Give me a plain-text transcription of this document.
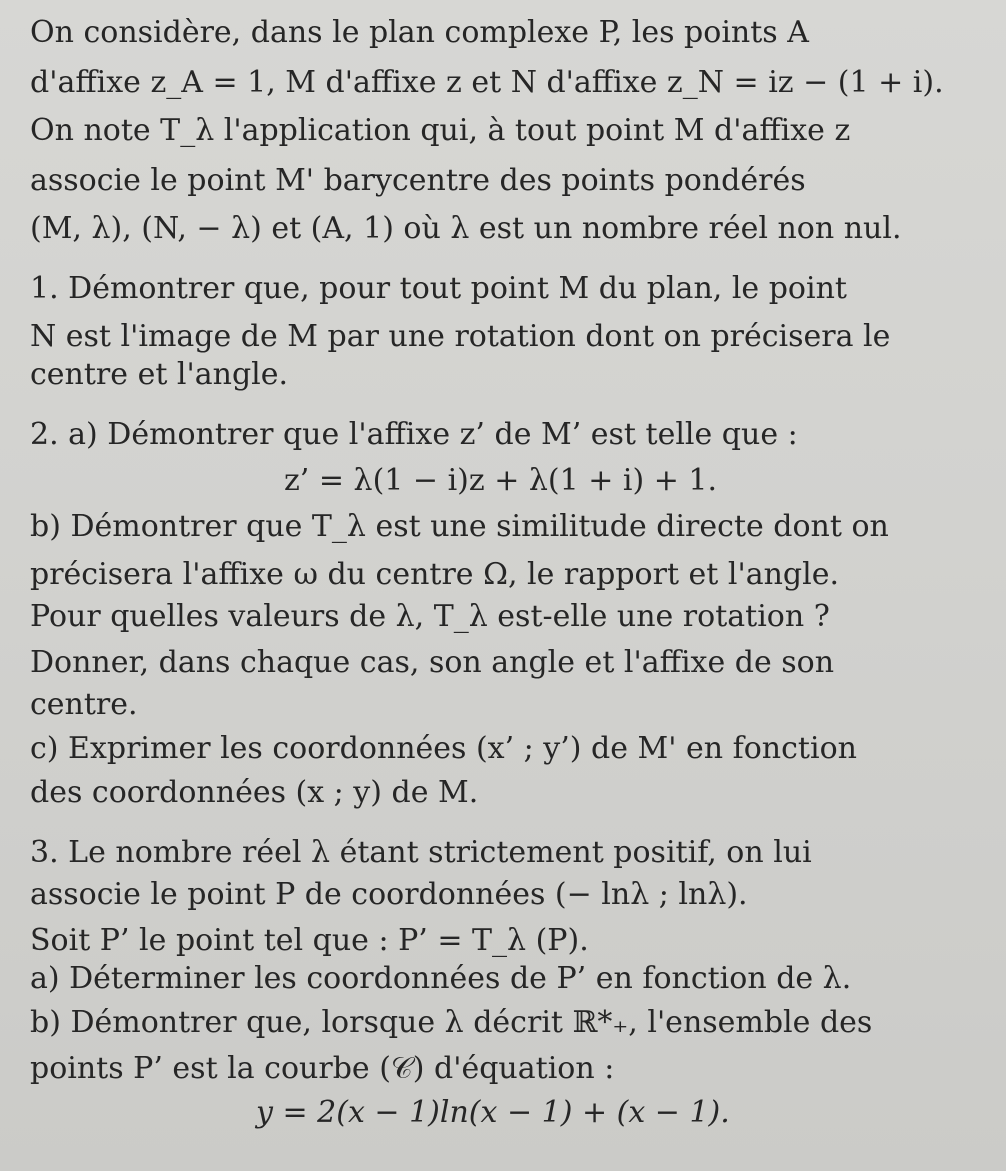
On considère, dans le plan complexe P, les points A
d'affixe z_A = 1, M d'affixe z et N d'affixe z_N = iz − (1 + i).
On note T_λ l'application qui, à tout point M d'affixe z
associe le point M' barycentre des points pondérés
(M, λ), (N, − λ) et (A, 1) où λ est un nombre réel non nul.
1. Démontrer que, pour tout point M du plan, le point
N est l'image de M par une rotation dont on précisera le
centre et l'angle.
2. a) Démontrer que l'affixe z’ de M’ est telle que :
z’ = λ(1 − i)z + λ(1 + i) + 1.
b) Démontrer que T_λ est une similitude directe dont on
précisera l'affixe ω du centre Ω, le rapport et l'angle.
Pour quelles valeurs de λ, T_λ est-elle une rotation ?
Donner, dans chaque cas, son angle et l'affixe de son
centre.
c) Exprimer les coordonnées (x’ ; y’) de M' en fonction
des coordonnées (x ; y) de M.
3. Le nombre réel λ étant strictement positif, on lui
associe le point P de coordonnées (− lnλ ; lnλ).
Soit P’ le point tel que : P’ = T_λ (P).
a) Déterminer les coordonnées de P’ en fonction de λ.
b) Démontrer que, lorsque λ décrit ℝ*₊, l'ensemble des
points P’ est la courbe (𝒞) d'équation :
y = 2(x − 1)ln(x − 1) + (x − 1).
